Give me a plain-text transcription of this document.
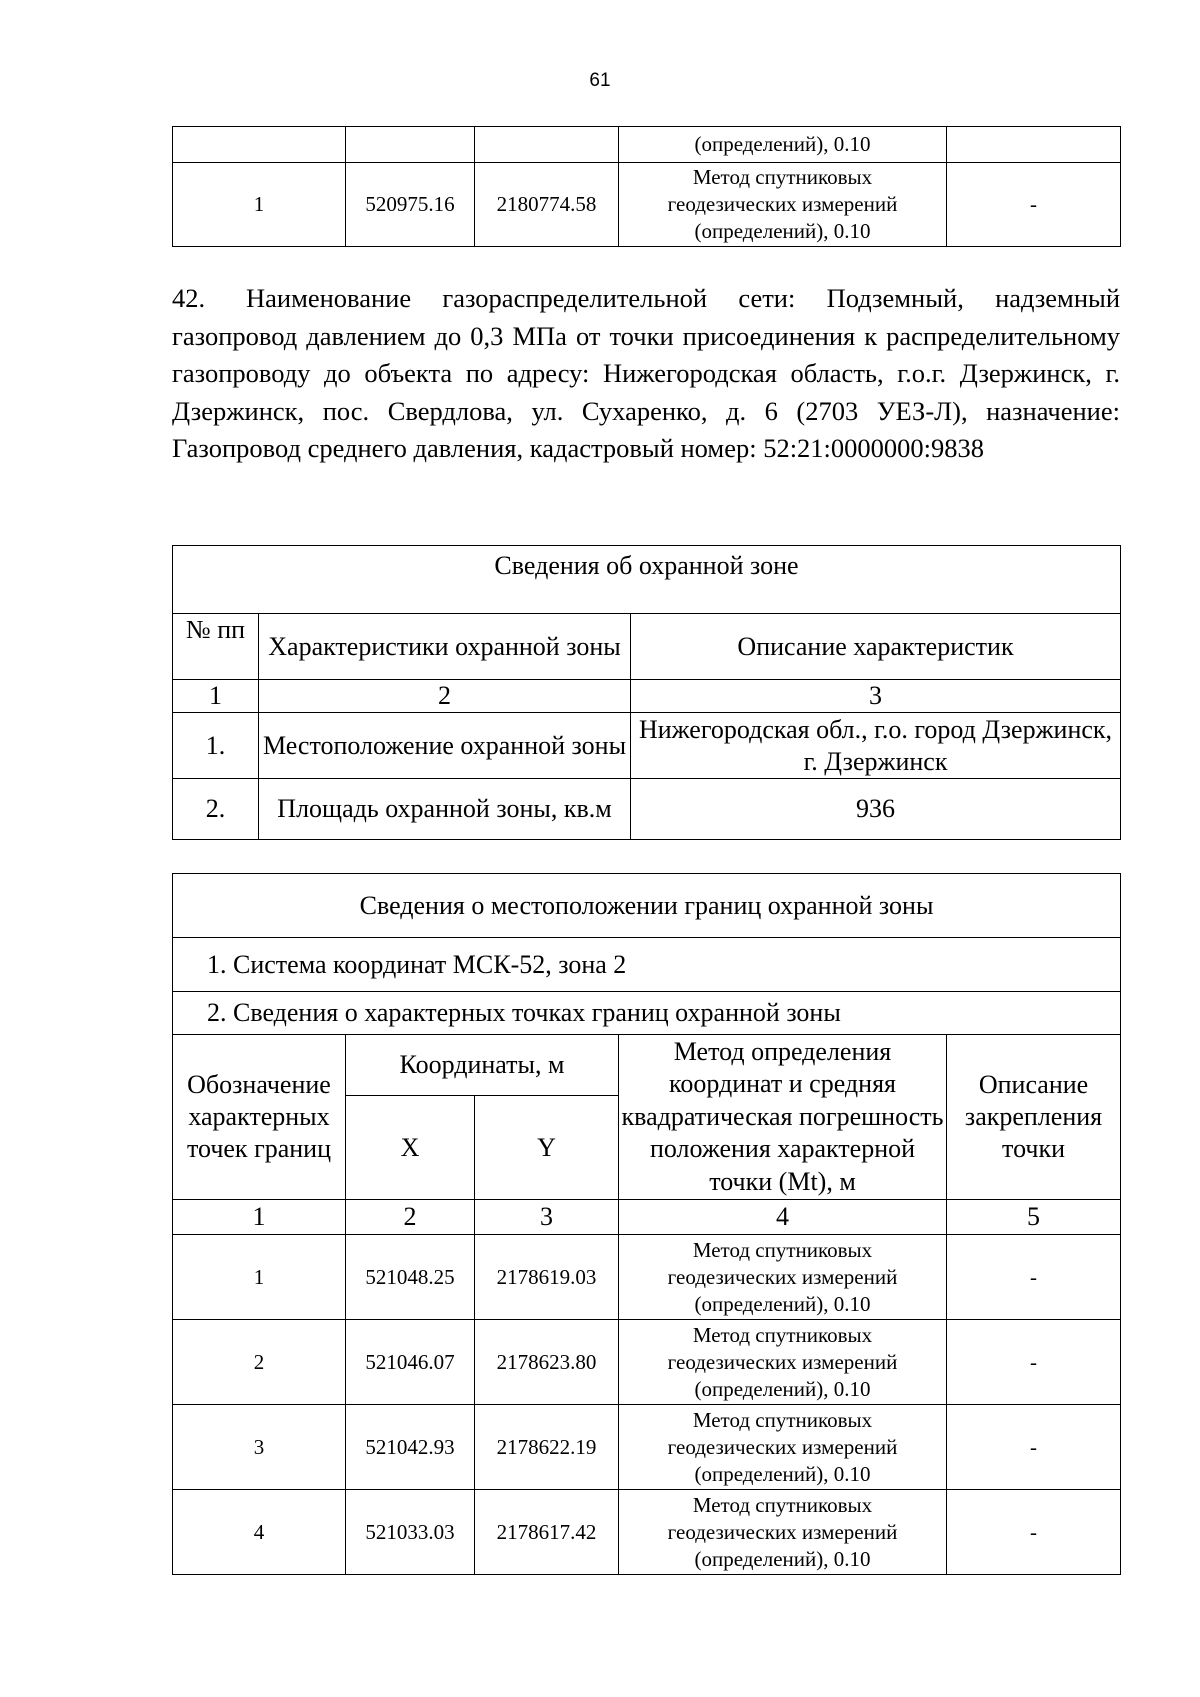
61
			(определений), 0.10	
1	520975.16	2180774.58	Метод спутниковых
геодезических измерений
(определений), 0.10	-
42. Наименование газораспределительной сети: Подземный, надземный газопровод давлением до 0,3 МПа от точки присоединения к распределительному газопроводу до объекта по адресу: Нижегородская область, г.о.г. Дзержинск, г. Дзержинск, пос. Свердлова, ул. Сухаренко, д. 6 (2703 УЕЗ-Л), назначение: Газопровод среднего давления, кадастровый номер: 52:21:0000000:9838
Сведения об охранной зоне		
№ пп	Характеристики охранной зоны	Описание характеристик
1	2	3
1.	Местоположение охранной зоны	Нижегородская обл., г.о. город Дзержинск, г. Дзержинск
2.	Площадь охранной зоны, кв.м	936
Сведения о местоположении границ охранной зоны				
1. Система координат МСК-52, зона 2				
2. Сведения о характерных точках границ охранной зоны				
Обозначение характерных точек границ	Координаты, м		Метод определения координат и средняя квадратическая погрешность положения характерной точки (Mt), м	Описание закрепления точки
	X	Y		
1	2	3	4	5
1	521048.25	2178619.03	Метод спутниковых
геодезических измерений
(определений), 0.10	-
2	521046.07	2178623.80	Метод спутниковых
геодезических измерений
(определений), 0.10	-
3	521042.93	2178622.19	Метод спутниковых
геодезических измерений
(определений), 0.10	-
4	521033.03	2178617.42	Метод спутниковых
геодезических измерений
(определений), 0.10	-
